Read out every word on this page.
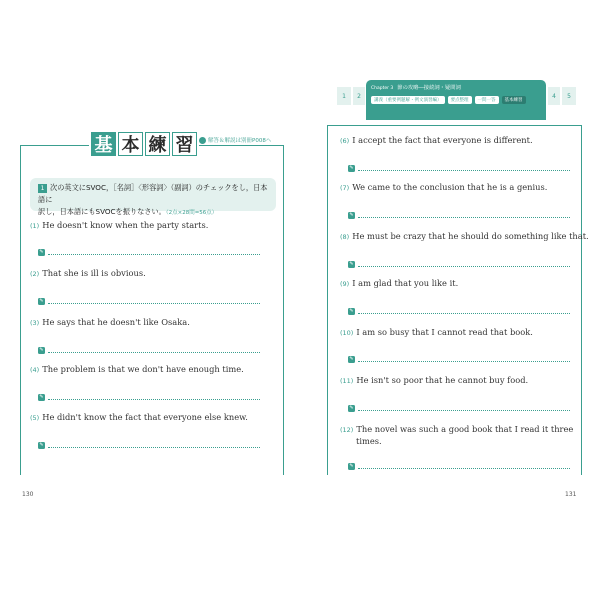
基 本 練 習	解答＆解説は別冊P008へ
1 次の英文にSVOC，［名詞］〈形容詞〉（副詞）のチェックをし，日本語に
訳し，日本語にもSVOCを振りなさい。（2点×28問=56点）
(1) He doesn't know when the party starts.
✎
(2) That she is ill is obvious.
✎
(3) He says that he doesn't like Osaka.
✎
(4) The problem is that we don't have enough time.
✎
(5) He didn't know the fact that everyone else knew.
✎
130
1	2	4	5
Chapter 3 節の攻略―接続詞・疑問詞
講義（重要例題解・例文演習編）	要点整理	一問一答	基本練習
(6) I accept the fact that everyone is different.
✎
(7) We came to the conclusion that he is a genius.
✎
(8) He must be crazy that he should do something like that.
✎
(9) I am glad that you like it.
✎
(10) I am so busy that I cannot read that book.
✎
(11) He isn't so poor that he cannot buy food.
✎
(12) The novel was such a good book that I read it three
times.
✎
131
